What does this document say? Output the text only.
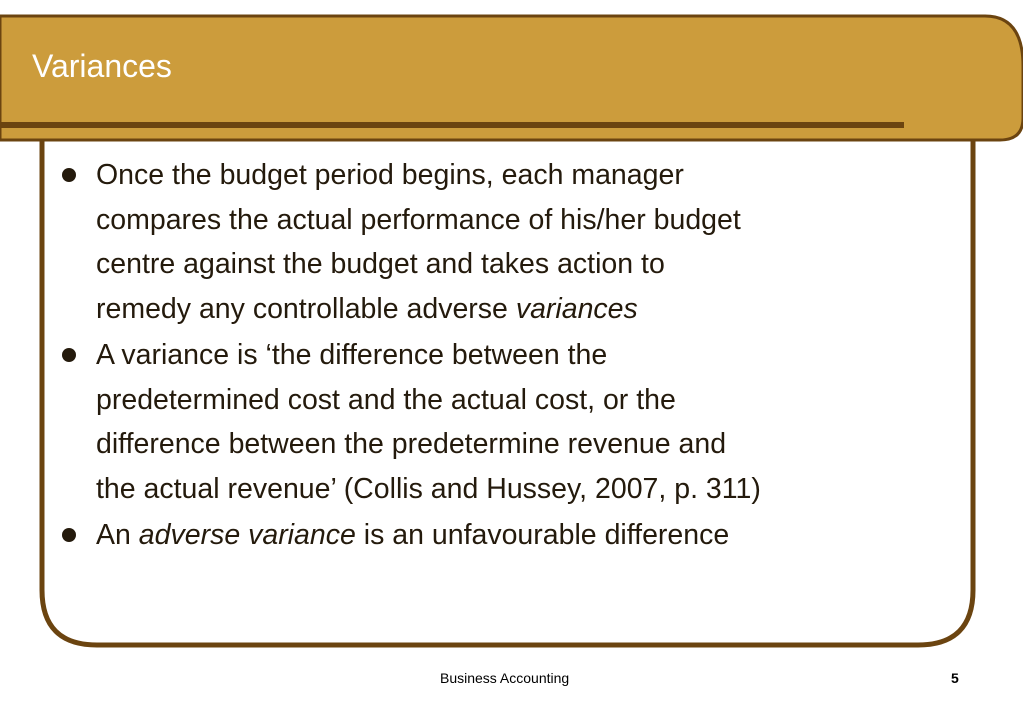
Variances
Once the budget period begins, each manager
compares the actual performance of his/her budget
centre against the budget and takes action to
remedy any controllable adverse variances
A variance is ‘the difference between the
predetermined cost and the actual cost, or the
difference between the predetermine revenue and
the actual revenue’ (Collis and Hussey, 2007, p. 311)
An adverse variance is an unfavourable difference
Business Accounting	5
